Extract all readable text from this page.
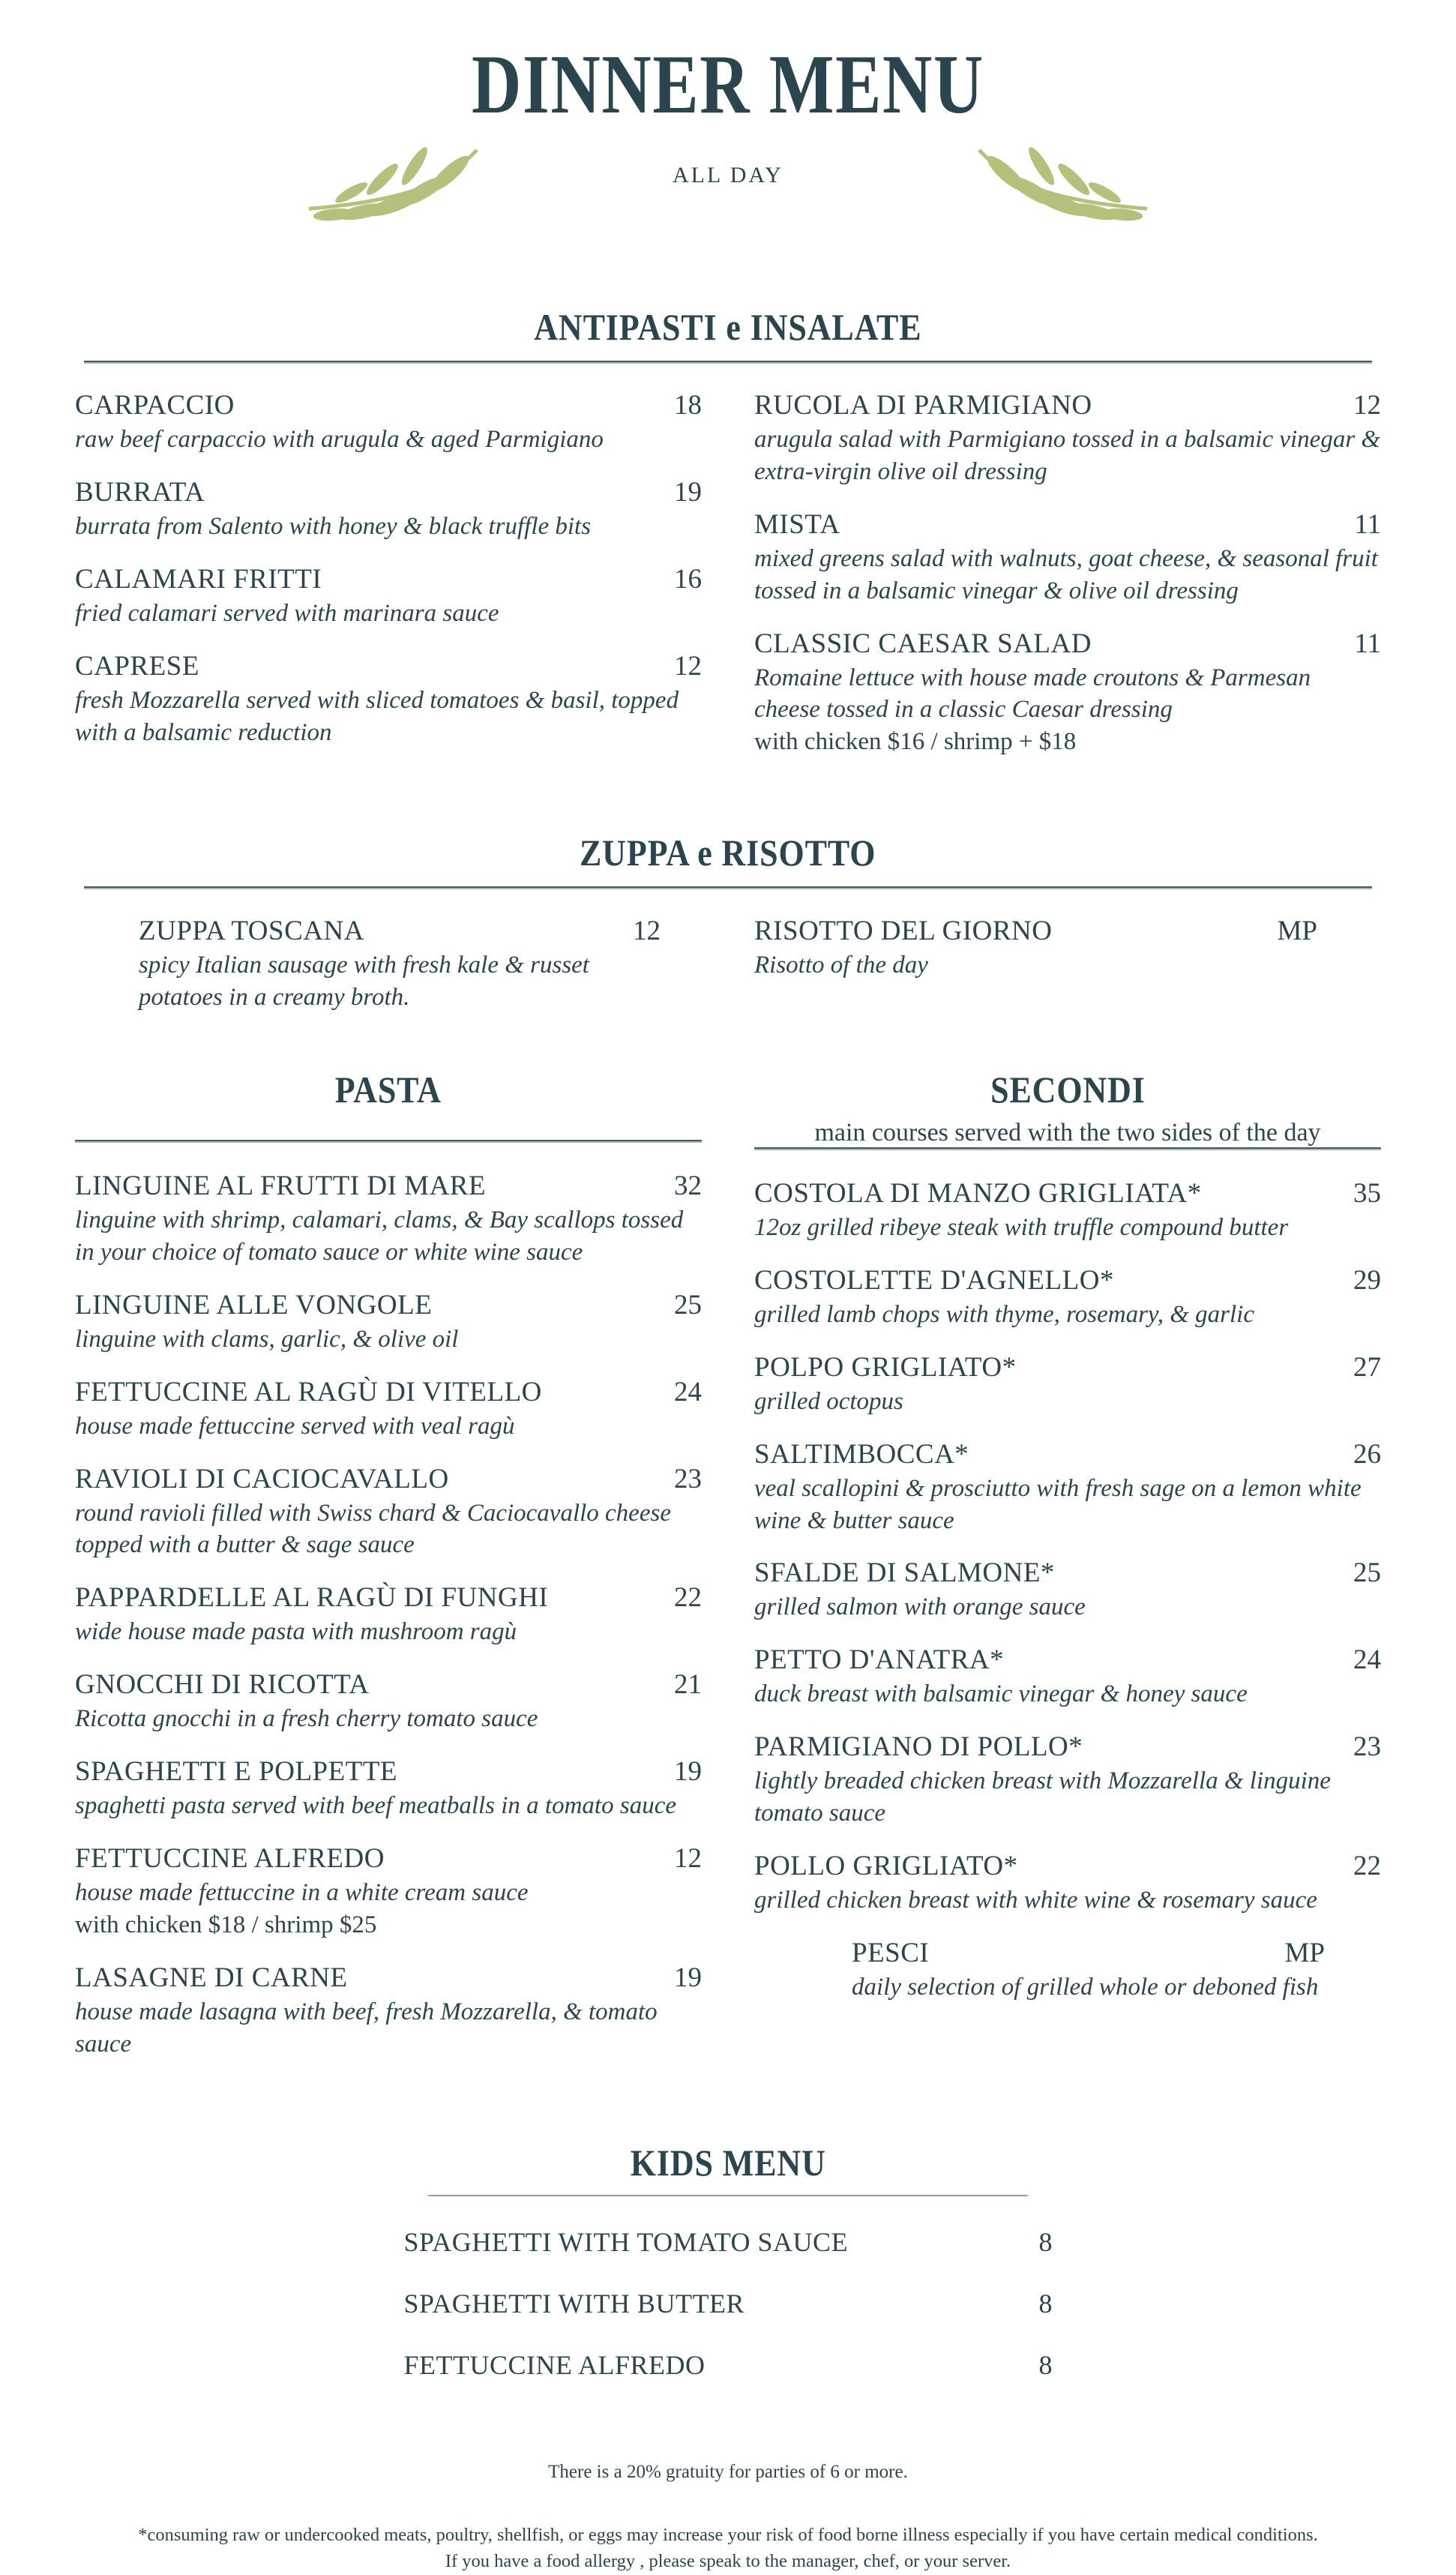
DINNER MENU
ALL DAY
ANTIPASTI e INSALATE
CARPACCIO	18
raw beef carpaccio with arugula & aged Parmigiano
BURRATA	19
burrata from Salento with honey & black truffle bits
CALAMARI FRITTI	16
fried calamari served with marinara sauce
CAPRESE	12
fresh Mozzarella served with sliced tomatoes & basil, topped with a balsamic reduction
RUCOLA DI PARMIGIANO	12
arugula salad with Parmigiano tossed in a balsamic vinegar & extra-virgin olive oil dressing
MISTA	11
mixed greens salad with walnuts, goat cheese, & seasonal fruit tossed in a balsamic vinegar & olive oil dressing
CLASSIC CAESAR SALAD	11
Romaine lettuce with house made croutons & Parmesan cheese tossed in a classic Caesar dressing
with chicken $16 / shrimp + $18
ZUPPA e RISOTTO
ZUPPA TOSCANA	12
spicy Italian sausage with fresh kale & russet potatoes in a creamy broth.
RISOTTO DEL GIORNO	MP
Risotto of the day
PASTA
LINGUINE AL FRUTTI DI MARE	32
linguine with shrimp, calamari, clams, & Bay scallops tossed in your choice of tomato sauce or white wine sauce
LINGUINE ALLE VONGOLE	25
linguine with clams, garlic, & olive oil
FETTUCCINE AL RAGÙ DI VITELLO	24
house made fettuccine served with veal ragù
RAVIOLI DI CACIOCAVALLO	23
round ravioli filled with Swiss chard & Caciocavallo cheese topped with a butter & sage sauce
PAPPARDELLE AL RAGÙ DI FUNGHI	22
wide house made pasta with mushroom ragù
GNOCCHI DI RICOTTA	21
Ricotta gnocchi in a fresh cherry tomato sauce
SPAGHETTI E POLPETTE	19
spaghetti pasta served with beef meatballs in a tomato sauce
FETTUCCINE ALFREDO	12
house made fettuccine in a white cream sauce
with chicken $18 / shrimp $25
LASAGNE DI CARNE	19
house made lasagna with beef, fresh Mozzarella, & tomato sauce
SECONDI
main courses served with the two sides of the day
COSTOLA DI MANZO GRIGLIATA*	35
12oz grilled ribeye steak with truffle compound butter
COSTOLETTE D'AGNELLO*	29
grilled lamb chops with thyme, rosemary, & garlic
POLPO GRIGLIATO*	27
grilled octopus
SALTIMBOCCA*	26
veal scallopini & prosciutto with fresh sage on a lemon white wine & butter sauce
SFALDE DI SALMONE*	25
grilled salmon with orange sauce
PETTO D'ANATRA*	24
duck breast with balsamic vinegar & honey sauce
PARMIGIANO DI POLLO*	23
lightly breaded chicken breast with Mozzarella & linguine tomato sauce
POLLO GRIGLIATO*	22
grilled chicken breast with white wine & rosemary sauce
PESCI	MP
daily selection of grilled whole or deboned fish
KIDS MENU
SPAGHETTI WITH TOMATO SAUCE	8
SPAGHETTI WITH BUTTER	8
FETTUCCINE ALFREDO	8
There is a 20% gratuity for parties of 6 or more.
*consuming raw or undercooked meats, poultry, shellfish, or eggs may increase your risk of food borne illness especially if you have certain medical conditions.
If you have a food allergy , please speak to the manager, chef, or your server.
